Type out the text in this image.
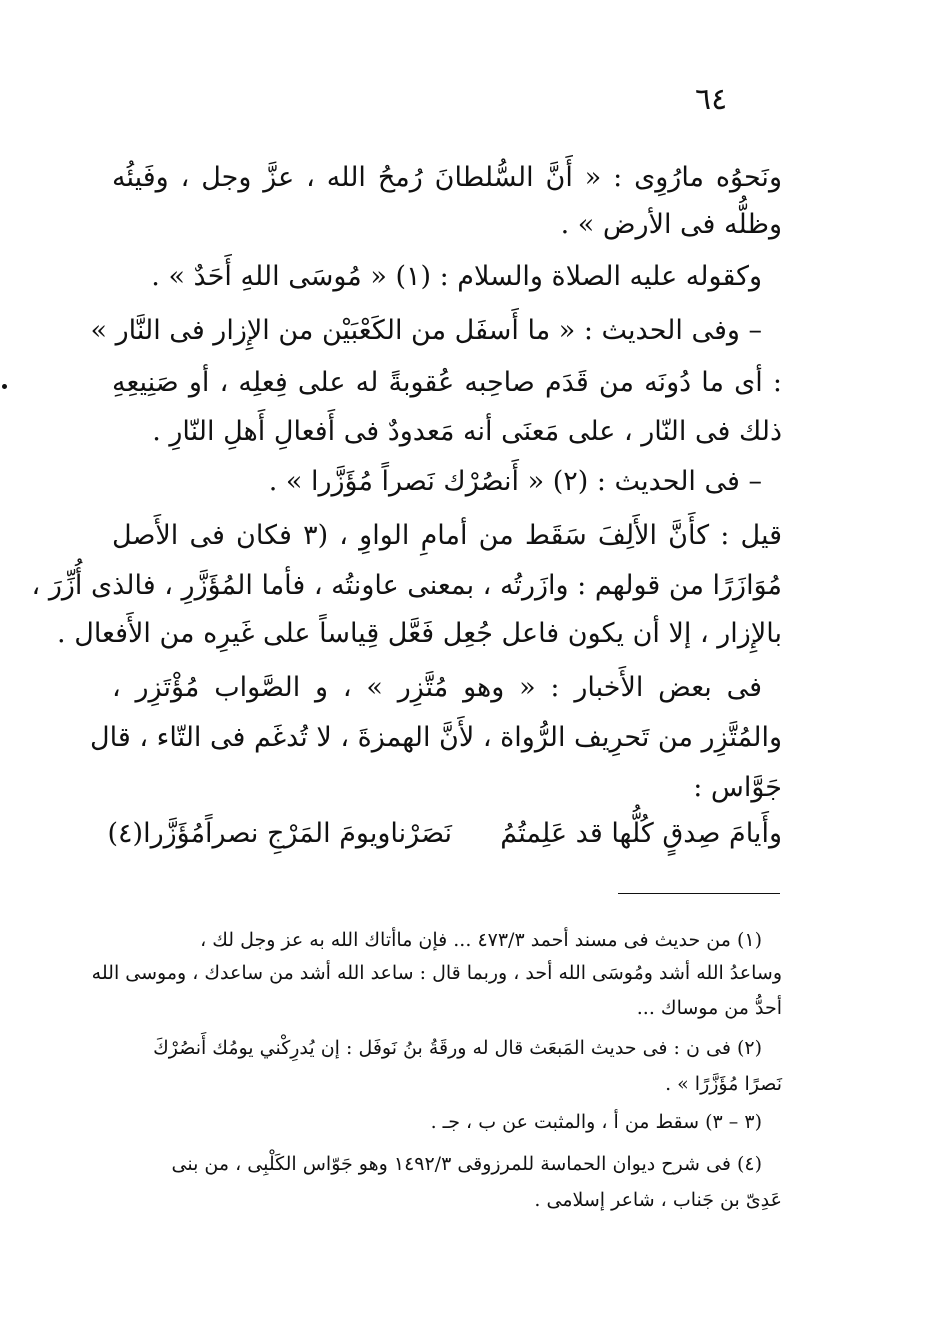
٦٤
ونَحوُه مارُوِى : « أَنَّ السُّلطانَ رُمحُ الله ، عزَّ وجل ، وفَيئُه
وظلُّه فى الأرض » .
وكقوله عليه الصلاة والسلام : (١) « مُوسَى اللهِ أَحَدٌ » .
– وفى الحديث : « ما أَسفَل من الكَعْبَيْن من الإِزار فى النَّار »
: أى ما دُونَه من قَدَم صاحِبه عُقوبةً له على فِعلِه ، أو صَنِيعِهِ
ذلك فى النّار ، على مَعنَى أنه مَعدودٌ فى أَفعالِ أَهلِ النّارِ .
– فى الحديث : (٢) « أَنصُرْك نَصراً مُؤَزَّرا » .
قيل : كأَنَّ الأَلِفَ سَقَط من أمامِ الواوِ ، (٣ فكان فى الأَصل
مُوَازَرًا من قولهم : وازَرتُه ، بمعنى عاونتُه ، فأما المُؤَزَّرِ ، فالذى أُزِّرَ ،
بالإِزار ، إلا أن يكون فاعل جُعِل فَعَّل قِياساً على غَيرِه من الأَفعال .
فى بعض الأَخبار : « وهو مُتَّزِر » ، و الصَّواب مُؤْتَزِر ،
والمُتَّزِر من تَحرِيف الرُّواة ، لأَنَّ الهمزةَ ، لا تُدغَم فى التّاء ، قال
جَوَّاس :
وأَيامَ صِدقٍ كُلُّها قد عَلِمتُمُ
نَصَرْناويومَ المَرْجِ نصراًمُؤَزَّرا(٤)
(١) من حديث فى مسند أحمد ٤٧٣/٣ ... فإن ماأتاك الله به عز وجل لك ،
وساعدُ الله أشد ومُوسَى الله أحد ، وربما قال : ساعد الله أشد من ساعدك ، وموسى الله
أحدُّ من موساك ...
(٢) فى ن : فى حديث المَبعَث قال له ورقَةُ بنُ نَوفَل : إن يُدرِكْني يومُك أَنصُرْكَ
نَصرًا مُؤَزَّرًا » .
(٣ – ٣) سقط من أ ، والمثبت عن ب ، جـ .
(٤) فى شرح ديوان الحماسة للمرزوقى ١٤٩٢/٣ وهو جَوّاس الكَلْبِى ، من بنى
عَدِىّ بن جَناب ، شاعر إسلامى .
